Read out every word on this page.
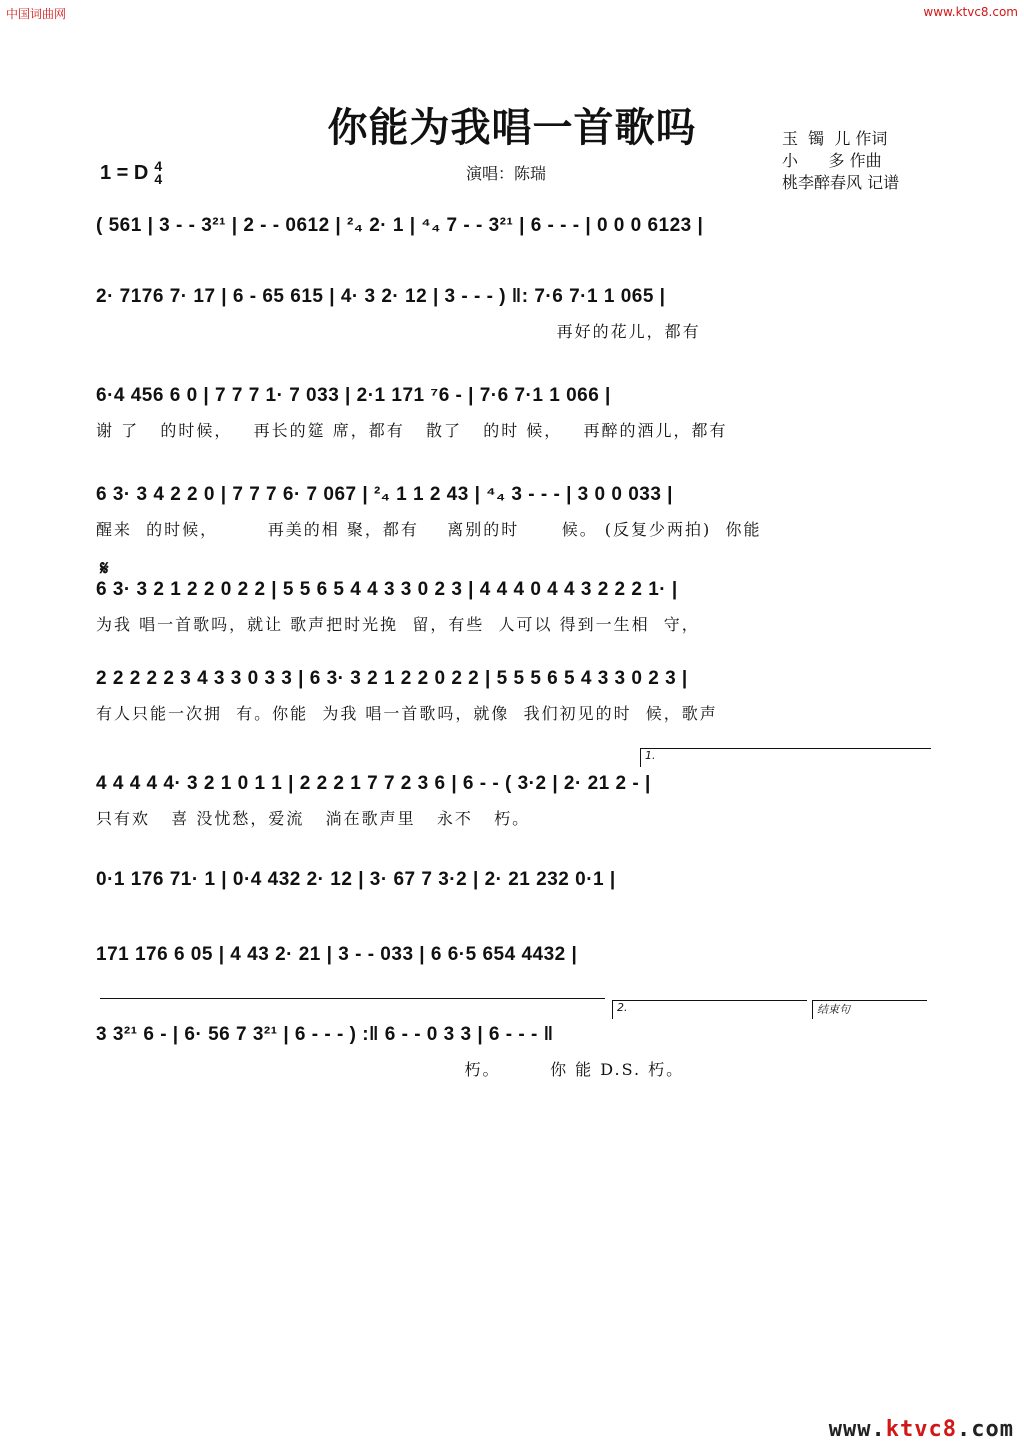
中国词曲网	www.ktvc8.com
你能为我唱一首歌吗	玉  镯  儿 作词
小      多 作曲
桃李醉春风 记谱
1 = D 4
4	演唱：陈瑞
( 561 | 3 - - 3²¹ | 2 - - 0612 | ²₄ 2· 1 | ⁴₄ 7 - - 3²¹ | 6 - - - | 0 0 0 6123 |
2· 7176 7· 17 | 6 - 65 615 | 4· 3 2· 12 | 3 - - - ) ‖: 7·6 7·1 1 065 |
再好的花儿，都有
6·4 456 6 0 | 7 7 7 1· 7 033 | 2·1 171 ⁷6 - | 7·6 7·1 1 066 |
谢 了   的时候，   再长的筵 席，都有   散了   的时 候，   再醉的酒儿，都有
6 3· 3 4 2 2 0 | 7 7 7 6· 7 067 | ²₄ 1 1 2 43 | ⁴₄ 3 - - - | 3 0 0 033 |
醒来  的时候，       再美的相 聚，都有    离别的时      候。 (反复少两拍)  你能
𝄋
6 3· 3 2 1 2 2 0 2 2 | 5 5 6 5 4 4 3 3 0 2 3 | 4 4 4 0 4 4 3 2 2 2 1· |
为我 唱一首歌吗，就让 歌声把时光挽  留，有些  人可以 得到一生相  守，
2 2 2 2 2 3 4 3 3 0 3 3 | 6 3· 3 2 1 2 2 0 2 2 | 5 5 5 6 5 4 3 3 0 2 3 |
有人只能一次拥  有。你能  为我 唱一首歌吗，就像  我们初见的时  候，歌声
1.
4 4 4 4 4· 3 2 1 0 1 1 | 2 2 2 1 7 7 2 3 6 | 6 - - ( 3·2 | 2· 21 2 - |
只有欢   喜 没忧愁，爱流   淌在歌声里   永不   朽。
0·1 176 71· 1 | 0·4 432 2· 12 | 3· 67 7 3·2 | 2· 21 232 0·1 |
171 176 6 05 | 4 43 2· 21 | 3 - - 033 | 6 6·5 654 4432 |
2.	结束句
3 3²¹ 6 - | 6· 56 7 3²¹ | 6 - - - ) :‖ 6 - - 0 3 3 | 6 - - - ‖
朽。       你 能 D.S. 朽。
www.ktvc8.com
